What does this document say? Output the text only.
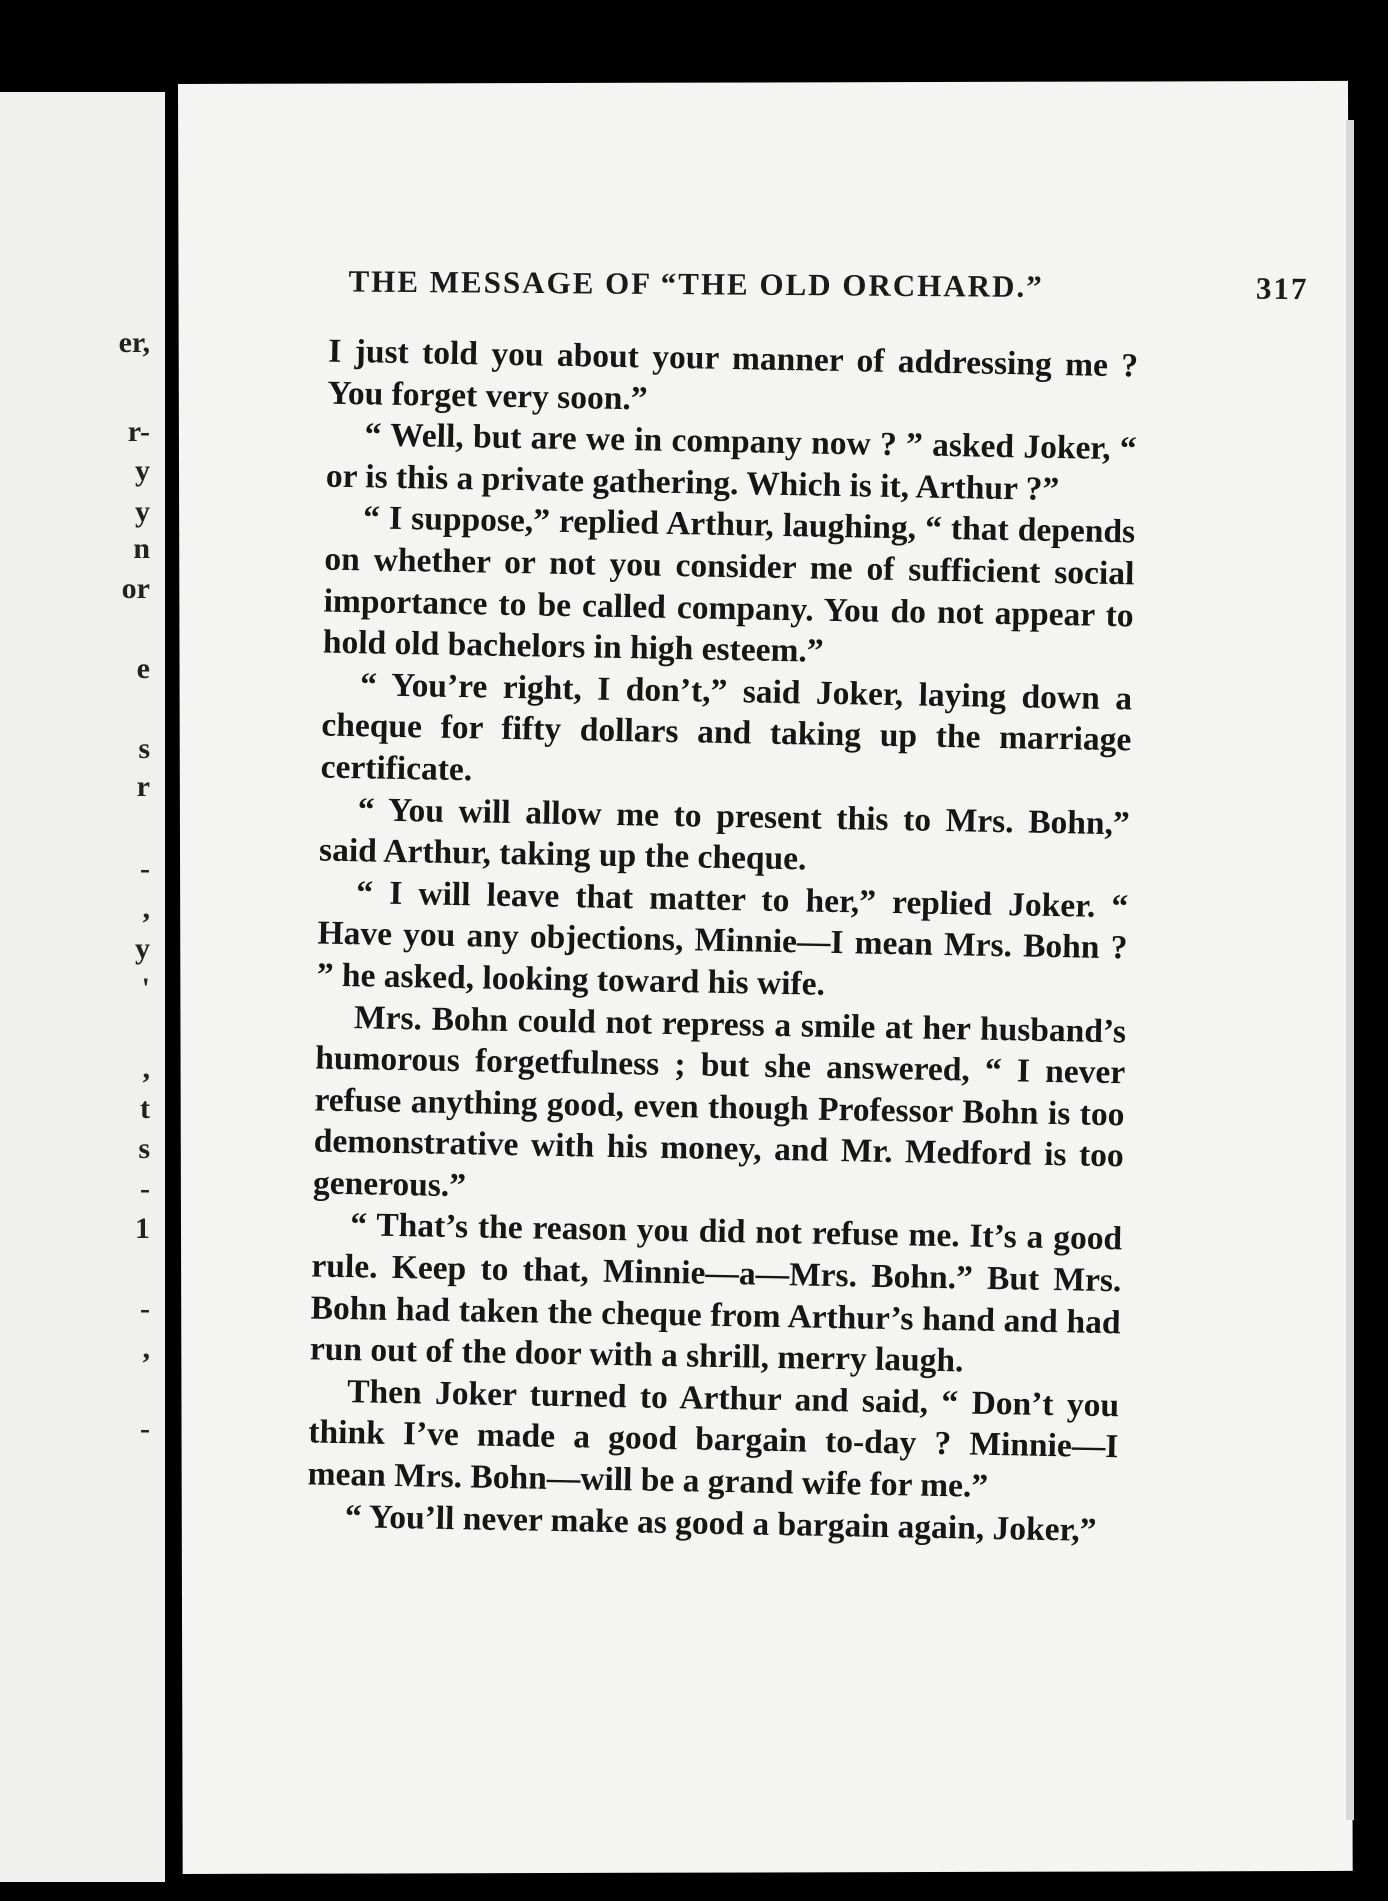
er,
r-
y
y
n
or
e
s
r
-
,
y
'
,
t
s
-
1
-
,
-
THE MESSAGE OF “THE OLD ORCHARD.”	317

I just told you about your manner of addressing me ? You forget very soon.”

“ Well, but are we in company now ? ” asked Joker, “ or is this a private gathering. Which is it, Arthur ?”

“ I suppose,” replied Arthur, laughing, “ that depends on whether or not you consider me of sufficient social importance to be called company. You do not appear to hold old bachelors in high esteem.”

“ You’re right, I don’t,” said Joker, laying down a cheque for fifty dollars and taking up the marriage certificate.

“ You will allow me to present this to Mrs. Bohn,” said Arthur, taking up the cheque.

“ I will leave that matter to her,” replied Joker. “ Have you any objections, Minnie—I mean Mrs. Bohn ? ” he asked, looking toward his wife.

Mrs. Bohn could not repress a smile at her husband’s humorous forgetfulness ; but she answered, “ I never refuse anything good, even though Professor Bohn is too demonstrative with his money, and Mr. Medford is too generous.”

“ That’s the reason you did not refuse me. It’s a good rule. Keep to that, Minnie—a—Mrs. Bohn.” But Mrs. Bohn had taken the cheque from Arthur’s hand and had run out of the door with a shrill, merry laugh.

Then Joker turned to Arthur and said, “ Don’t you think I’ve made a good bargain to-day ? Minnie—I mean Mrs. Bohn—will be a grand wife for me.”

“ You’ll never make as good a bargain again, Joker,”
